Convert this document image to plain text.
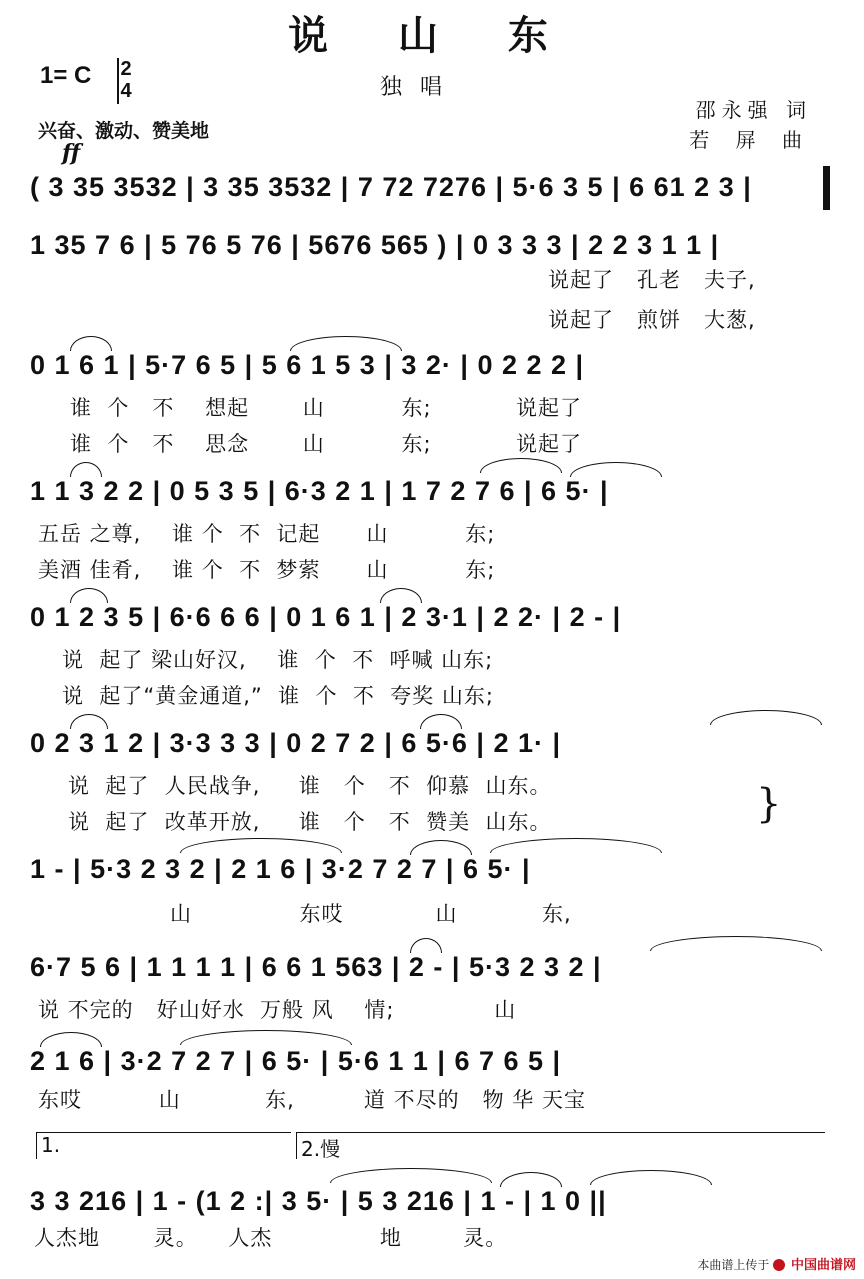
说 山 东
1= C	2
4	独唱
邵永强 词
若 屏 曲
兴奋、激动、赞美地
ff
( 3 35 3532 | 3 35 3532 | 7 72 7276 | 5·6 3 5 | 6 61 2 3 |
1 35 7 6 | 5 76 5 76 | 5676 565 ) | 0 3 3 3 | 2 2 3 1 1 |
说起了   孔老   夫子,
说起了   煎饼   大葱,
0 1 6 1 | 5·7 6 5 | 5 6 1 5 3 | 3 2· | 0 2 2 2 |
谁  个   不    想起       山          东;           说起了
谁  个   不    思念       山          东;           说起了
1 1 3 2 2 | 0 5 3 5 | 6·3 2 1 | 1 7 2 7 6 | 6 5· |
五岳 之尊,    谁 个  不  记起      山          东;
美酒 佳肴,    谁 个  不  梦萦      山          东;
0 1 2 3 5 | 6·6 6 6 | 0 1 6 1 | 2 3·1 | 2 2· | 2 - |
说  起了 梁山好汉,    谁  个  不  呼喊 山东;
说  起了“黄金通道,”  谁  个  不  夸奖 山东;
0 2 3 1 2 | 3·3 3 3 | 0 2 7 2 | 6 5·6 | 2 1· |
说  起了  人民战争,     谁   个   不  仰慕  山东。
说  起了  改革开放,     谁   个   不  赞美  山东。	}
1 - | 5·3 2 3 2 | 2 1 6 | 3·2 7 2 7 | 6 5· |
山              东哎            山           东,
6·7 5 6 | 1 1 1 1 | 6 6 1 563 | 2 - | 5·3 2 3 2 |
说 不完的   好山好水  万般 风    情;             山
2 1 6 | 3·2 7 2 7 | 6 5· | 5·6 1 1 | 6 7 6 5 |
东哎          山           东,         道 不尽的   物 华 天宝
1.	2.慢
3 3 216 | 1 - (1 2 :| 3 5· | 5 3 216 | 1 - | 1 0 ||
人杰地       灵。    人杰              地        灵。
本曲谱上传于 中国曲谱网
